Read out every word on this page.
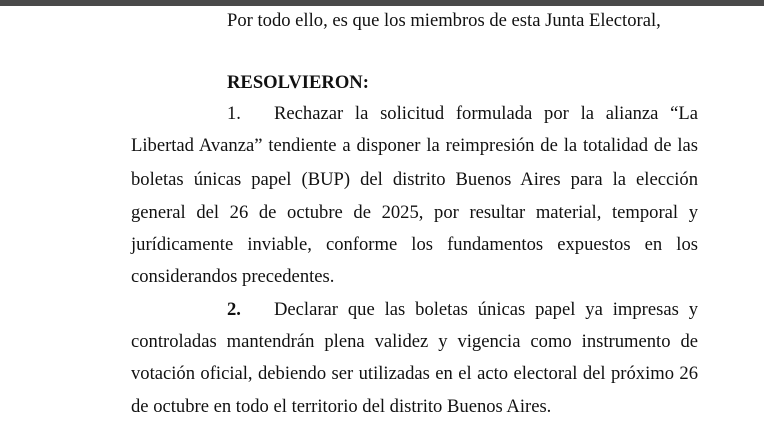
Por todo ello, es que los miembros de esta Junta Electoral,
RESOLVIERON:
1.	Rechazar la solicitud formulada por la alianza “La
Libertad Avanza” tendiente a disponer la reimpresión de la totalidad de las
boletas únicas papel (BUP) del distrito Buenos Aires para la elección
general del 26 de octubre de 2025, por resultar material, temporal y
jurídicamente inviable, conforme los fundamentos expuestos en los
considerandos precedentes.
2.	Declarar que las boletas únicas papel ya impresas y
controladas mantendrán plena validez y vigencia como instrumento de
votación oficial, debiendo ser utilizadas en el acto electoral del próximo 26
de octubre en todo el territorio del distrito Buenos Aires.
